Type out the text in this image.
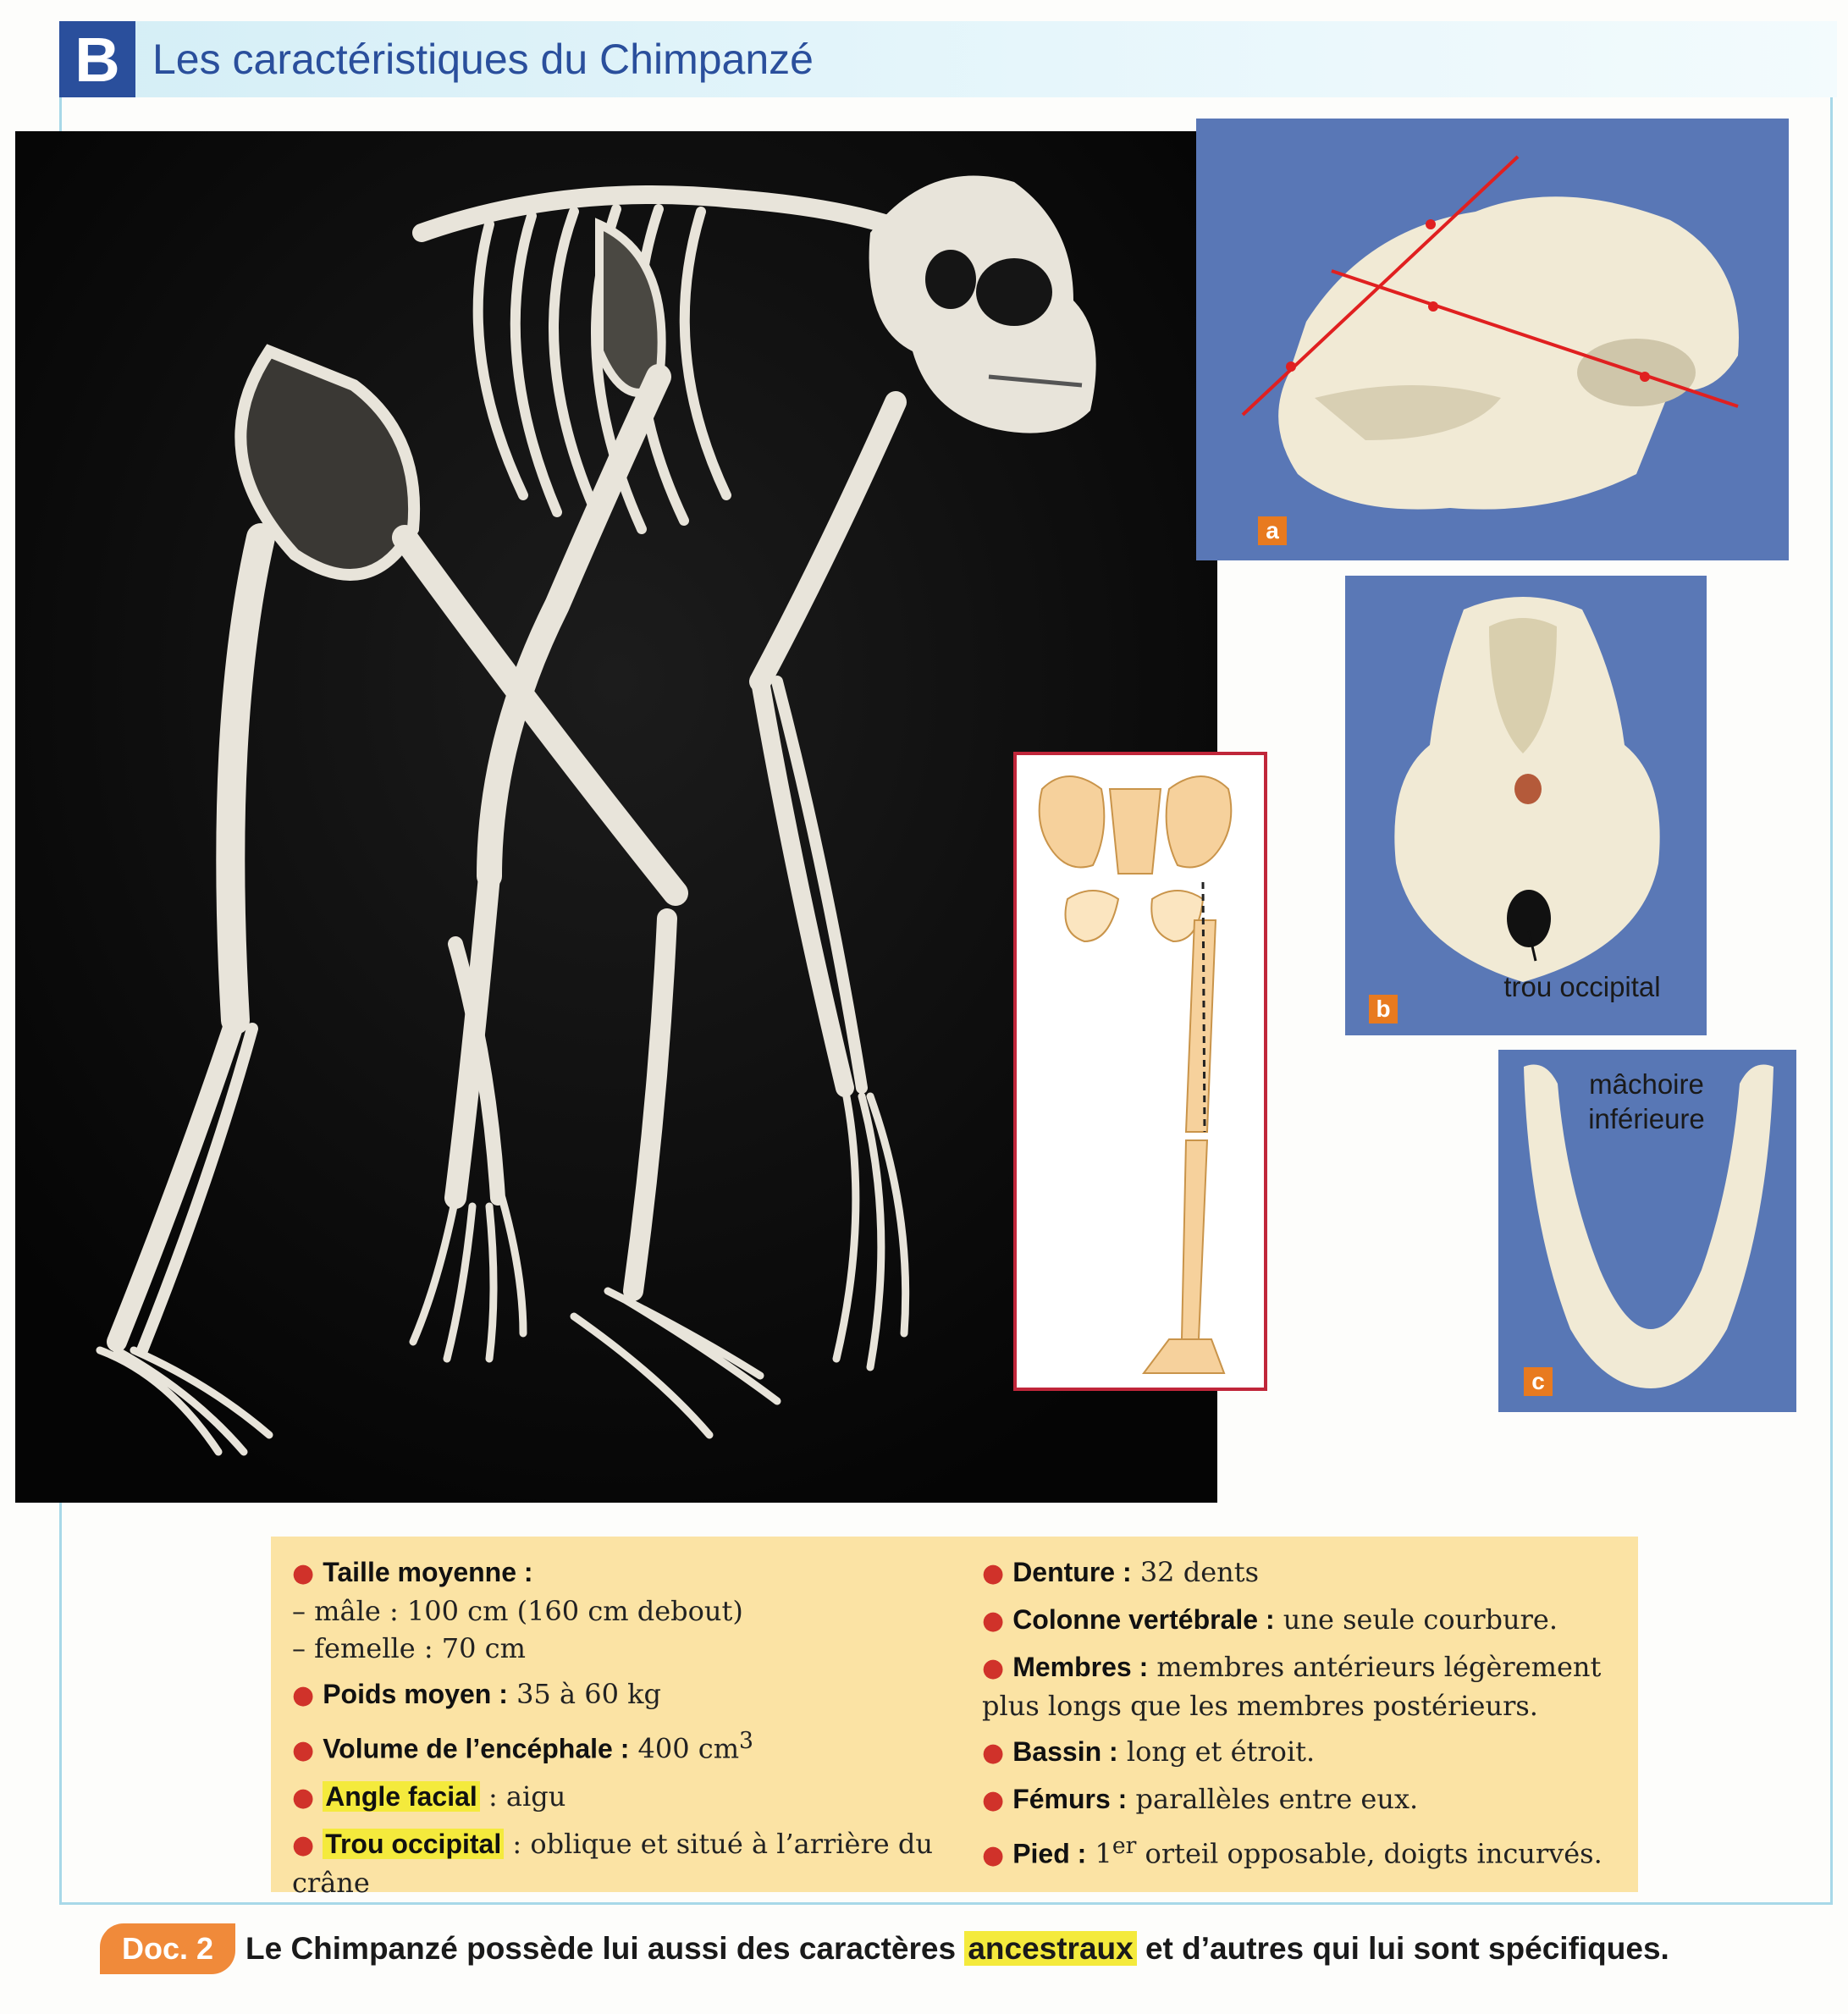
B Les caractéristiques du Chimpanzé
a
trou occipital
b
mâchoire
inférieure
c
● Taille moyenne :
– mâle : 100 cm (160 cm debout)
– femelle : 70 cm
● Poids moyen : 35 à 60 kg
● Volume de l’encéphale : 400 $cm^3$
● Angle facial : aigu
● Trou occipital : oblique et situé à l’arrière du crâne
● Denture : 32 dents
● Colonne vertébrale : une seule courbure.
● Membres : membres antérieurs légèrement plus longs que les membres postérieurs.
● Bassin : long et étroit.
● Fémurs : parallèles entre eux.
● Pied : 1er orteil opposable, doigts incurvés.
Doc. 2	Le Chimpanzé possède lui aussi des caractères ancestraux et d’autres qui lui sont spécifiques.
